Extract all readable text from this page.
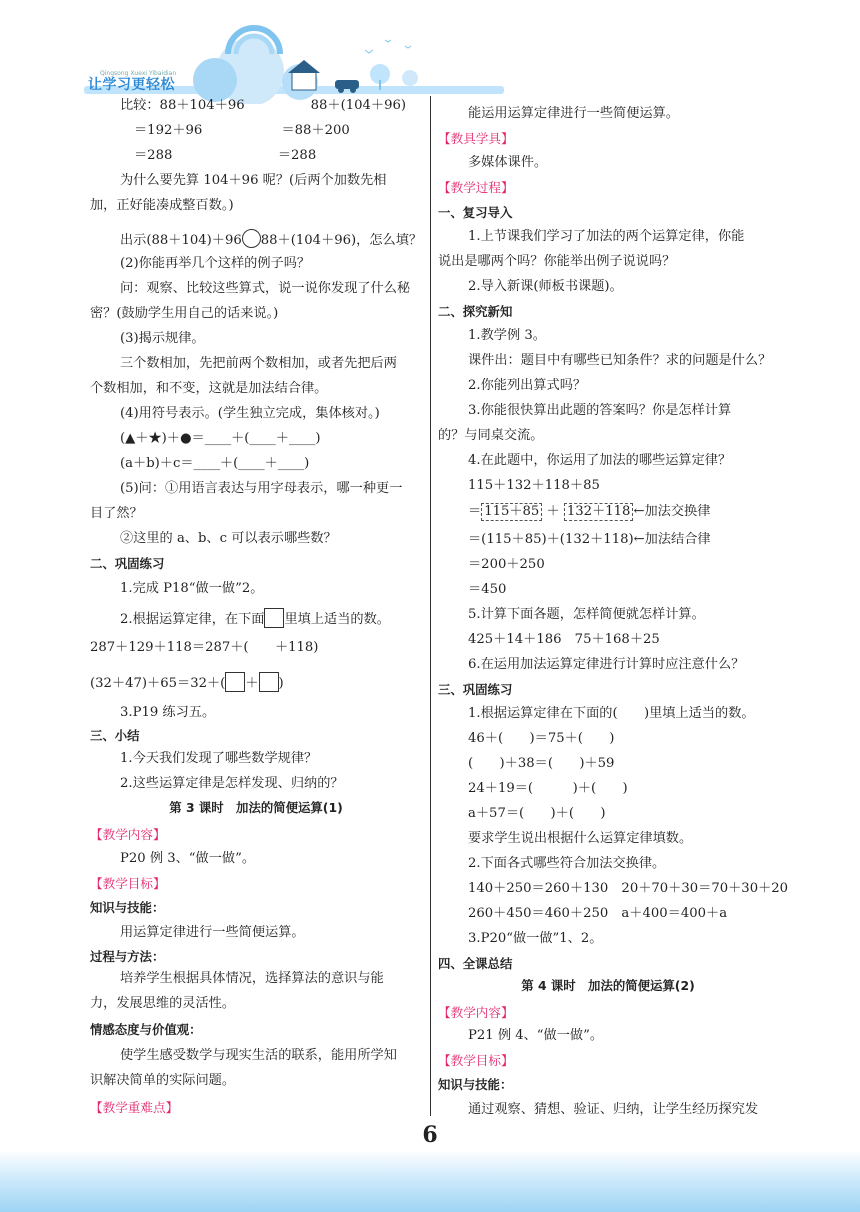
让学习更轻松
Qingsong Xuexi Yibaidian
比较：88＋104＋96　　　　　88＋(104＋96)
＝192＋96　　　　　　＝88＋200
＝288　　　　　　　　＝288
为什么要先算 104＋96 呢？(后两个加数先相
加，正好能凑成整百数。)
(2)你能再举几个这样的例子吗？
问：观察、比较这些算式，说一说你发现了什么秘
密？(鼓励学生用自己的话来说。)
(3)揭示规律。
三个数相加，先把前两个数相加，或者先把后两
个数相加，和不变，这就是加法结合律。
(4)用符号表示。(学生独立完成，集体核对。)
(▲＋★)＋●＝____＋(____＋____)
(a＋b)＋c＝____＋(____＋____)
(5)问：①用语言表达与用字母表示，哪一种更一
目了然？
②这里的 a、b、c 可以表示哪些数？
1.完成 P18“做一做”2。
287＋129＋118＝287＋(　　＋118)
3.P19 练习五。
1.今天我们发现了哪些数学规律？
2.这些运算定律是怎样发现、归纳的？
P20 例 3、“做一做”。
用运算定律进行一些简便运算。
培养学生根据具体情况，选择算法的意识与能
力，发展思维的灵活性。
使学生感受数学与现实生活的联系，能用所学知
识解决简单的实际问题。
二、巩固练习
三、小结
【教学内容】
【教学目标】
知识与技能：
过程与方法：
情感态度与价值观：
【教学重难点】
第 3 课时　加法的简便运算(1)
出示(88＋104)＋96 88＋(104＋96)，怎么填？
2.根据运算定律，在下面 里填上适当的数。
(32＋47)＋65＝32＋( ＋ )
能运用运算定律进行一些简便运算。
多媒体课件。
1.上节课我们学习了加法的两个运算定律，你能
说出是哪两个吗？你能举出例子说说吗？
2.导入新课(师板书课题)。
1.教学例 3。
课件出：题目中有哪些已知条件？求的问题是什么？
2.你能列出算式吗？
3.你能很快算出此题的答案吗？你是怎样计算
的？与同桌交流。
4.在此题中，你运用了加法的哪些运算定律？
115＋132＋118＋85
＝(115＋85)＋(132＋118)←加法结合律
＝200＋250
＝450
5.计算下面各题，怎样简便就怎样计算。
425＋14＋186　75＋168＋25
6.在运用加法运算定律进行计算时应注意什么？
1.根据运算定律在下面的(　　)里填上适当的数。
46＋(　　)＝75＋(　　)
(　　)＋38＝(　　)＋59
24＋19＝(　　　)＋(　　)
a＋57＝(　　)＋(　　)
要求学生说出根据什么运算定律填数。
2.下面各式哪些符合加法交换律。
140＋250＝260＋130　20＋70＋30＝70＋30＋20
260＋450＝460＋250　a＋400＝400＋a
3.P20“做一做”1、2。
P21 例 4、“做一做”。
通过观察、猜想、验证、归纳，让学生经历探究发
【教具学具】
【教学过程】
一、复习导入
二、探究新知
三、巩固练习
四、全课总结
【教学内容】
【教学目标】
知识与技能：
第 4 课时　加法的简便运算(2)
＝ 115＋85 ＋ 132＋118 ←加法交换律
6
